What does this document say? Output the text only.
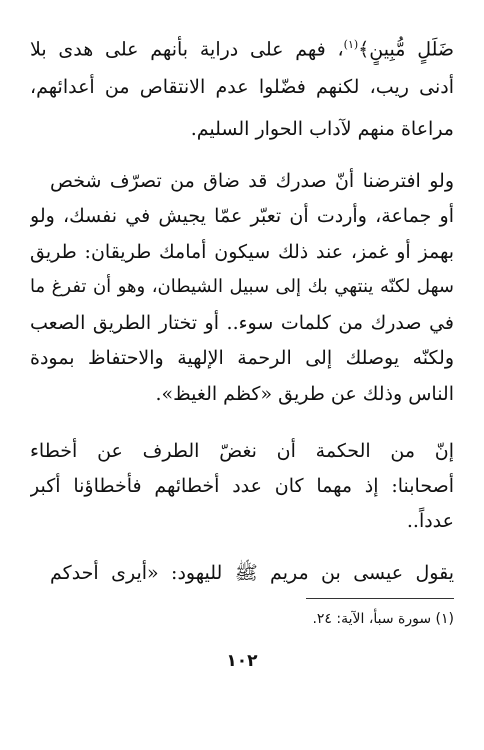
ضَلَلٍ مُّبِينٍ﴾$^{(١)}$، فهم على دراية بأنهم على هدى بلا
أدنى ريب، لكنهم فضّلوا عدم الانتقاص من أعدائهم،
مراعاة منهم لآداب الحوار السليم.
ولو افترضنا أنّ صدرك قد ضاق من تصرّف شخص
أو جماعة، وأردت أن تعبّر عمّا يجيش في نفسك، ولو
بهمز أو غمز، عند ذلك سيكون أمامك طريقان: طريق
سهل لكنّه ينتهي بك إلى سبيل الشيطان، وهو أن تفرغ ما
في صدرك من كلمات سوء.. أو تختار الطريق الصعب
ولكنّه يوصلك إلى الرحمة الإلهية والاحتفاظ بمودة
الناس وذلك عن طريق «كظم الغيظ».
إنّ من الحكمة أن نغضّ الطرف عن أخطاء
أصحابنا: إذ مهما كان عدد أخطائهم فأخطاؤنا أكبر
عدداً..
يقول عيسى بن مريم ﷺ لليهود: «أيرى أحدكم
(١) سورة سبأ، الآية: ٢٤.
١٠٢
